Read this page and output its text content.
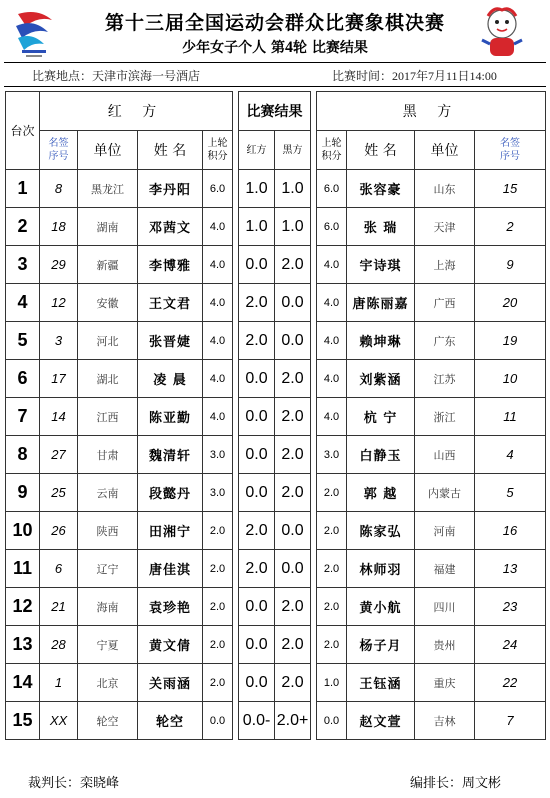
第十三届全国运动会群众比赛象棋决赛
少年女子个人 第4轮 比赛结果
比赛地点：天津市滨海一号酒店	比赛时间：2017年7月11日14:00
台次	红 方					比赛结果			黑 方			

	名签序号	单位	姓 名	上轮积分		红方	黑方		上轮积分	姓 名	单位	名签序号

1	8	黑龙江	李丹阳	6.0		1.0	1.0		6.0	张容豪	山东	15
2	18	湖南	邓茜文	4.0		1.0	1.0		6.0	张 瑞	天津	2
3	29	新疆	李博雅	4.0		0.0	2.0		4.0	宇诗琪	上海	9
4	12	安徽	王文君	4.0		2.0	0.0		4.0	唐陈丽嘉	广西	20
5	3	河北	张晋婕	4.0		2.0	0.0		4.0	赖坤琳	广东	19
6	17	湖北	凌 晨	4.0		0.0	2.0		4.0	刘紫涵	江苏	10
7	14	江西	陈亚勤	4.0		0.0	2.0		4.0	杭 宁	浙江	11
8	27	甘肃	魏清轩	3.0		0.0	2.0		3.0	白静玉	山西	4
9	25	云南	段懿丹	3.0		0.0	2.0		2.0	郭 越	内蒙古	5
10	26	陕西	田湘宁	2.0		2.0	0.0		2.0	陈家弘	河南	16
11	6	辽宁	唐佳淇	2.0		2.0	0.0		2.0	林师羽	福建	13
12	21	海南	袁珍艳	2.0		0.0	2.0		2.0	黄小航	四川	23
13	28	宁夏	黄文倩	2.0		0.0	2.0		2.0	杨子月	贵州	24
14	1	北京	关雨涵	2.0		0.0	2.0		1.0	王钰涵	重庆	22
15	XX	轮空	轮空	0.0		0.0-	2.0+		0.0	赵文萱	吉林	7
裁判长：栾晓峰	编排长：周文彬
